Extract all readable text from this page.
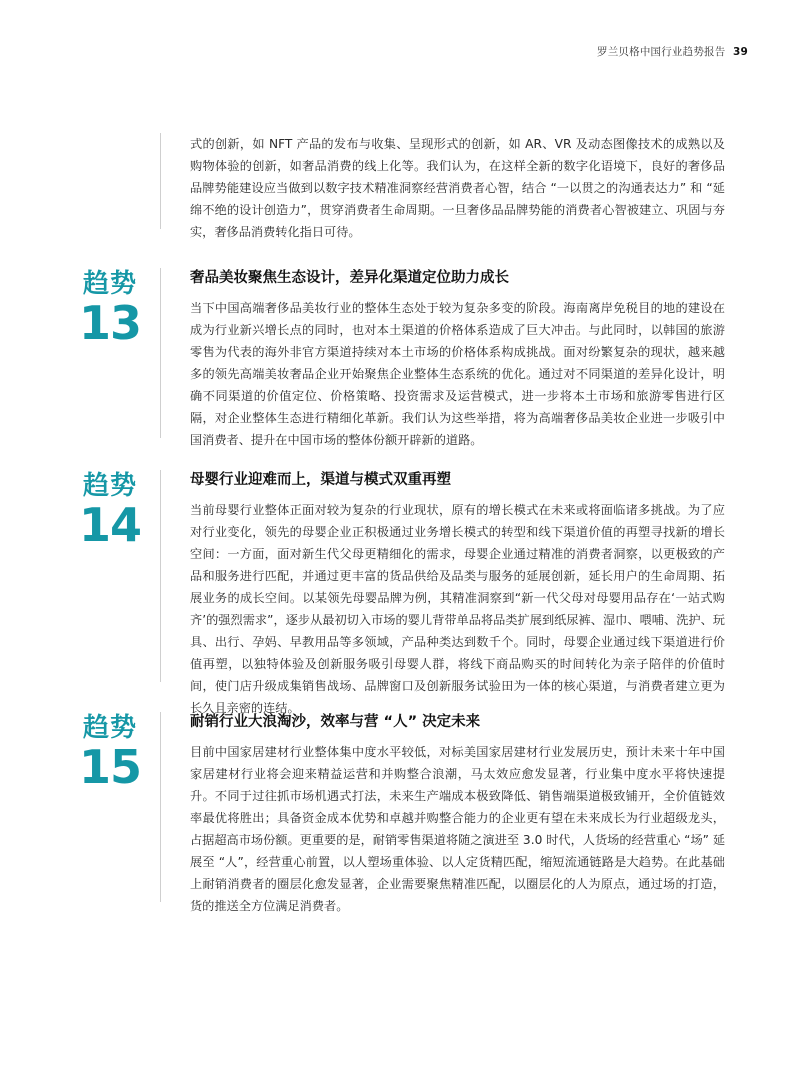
罗兰贝格中国行业趋势报告 39

式的创新，如 NFT 产品的发布与收集、呈现形式的创新，如 AR、VR 及动态图像技术的成熟以及购物体验的创新，如奢品消费的线上化等。我们认为，在这样全新的数字化语境下，良好的奢侈品品牌势能建设应当做到以数字技术精准洞察经营消费者心智，结合 “一以贯之的沟通表达力” 和 “延绵不绝的设计创造力”，贯穿消费者生命周期。一旦奢侈品品牌势能的消费者心智被建立、巩固与夯实，奢侈品消费转化指日可待。

趋势
13
奢品美妆聚焦生态设计，差异化渠道定位助力成长

当下中国高端奢侈品美妆行业的整体生态处于较为复杂多变的阶段。海南离岸免税目的地的建设在成为行业新兴增长点的同时，也对本土渠道的价格体系造成了巨大冲击。与此同时，以韩国的旅游零售为代表的海外非官方渠道持续对本土市场的价格体系构成挑战。面对纷繁复杂的现状，越来越多的领先高端美妆奢品企业开始聚焦企业整体生态系统的优化。通过对不同渠道的差异化设计，明确不同渠道的价值定位、价格策略、投资需求及运营模式，进一步将本土市场和旅游零售进行区隔，对企业整体生态进行精细化革新。我们认为这些举措，将为高端奢侈品美妆企业进一步吸引中国消费者、提升在中国市场的整体份额开辟新的道路。

趋势
14
母婴行业迎难而上，渠道与模式双重再塑

当前母婴行业整体正面对较为复杂的行业现状，原有的增长模式在未来或将面临诸多挑战。为了应对行业变化，领先的母婴企业正积极通过业务增长模式的转型和线下渠道价值的再塑寻找新的增长空间：一方面，面对新生代父母更精细化的需求，母婴企业通过精准的消费者洞察，以更极致的产品和服务进行匹配，并通过更丰富的货品供给及品类与服务的延展创新，延长用户的生命周期、拓展业务的成长空间。以某领先母婴品牌为例，其精准洞察到“新一代父母对母婴用品存在‘一站式购齐’的强烈需求”，逐步从最初切入市场的婴儿背带单品将品类扩展到纸尿裤、湿巾、喂哺、洗护、玩具、出行、孕妈、早教用品等多领域，产品种类达到数千个。同时，母婴企业通过线下渠道进行价值再塑，以独特体验及创新服务吸引母婴人群，将线下商品购买的时间转化为亲子陪伴的价值时间，使门店升级成集销售战场、品牌窗口及创新服务试验田为一体的核心渠道，与消费者建立更为长久且亲密的连结。

趋势
15
耐销行业大浪淘沙，效率与营 “人” 决定未来

目前中国家居建材行业整体集中度水平较低，对标美国家居建材行业发展历史，预计未来十年中国家居建材行业将会迎来精益运营和并购整合浪潮，马太效应愈发显著，行业集中度水平将快速提升。不同于过往抓市场机遇式打法，未来生产端成本极致降低、销售端渠道极致铺开，全价值链效率最优将胜出；具备资金成本优势和卓越并购整合能力的企业更有望在未来成长为行业超级龙头，占据超高市场份额。更重要的是，耐销零售渠道将随之演进至 3.0 时代，人货场的经营重心 “场” 延展至 “人”，经营重心前置，以人塑场重体验、以人定货精匹配，缩短流通链路是大趋势。在此基础上耐销消费者的圈层化愈发显著，企业需要聚焦精准匹配，以圈层化的人为原点，通过场的打造，货的推送全方位满足消费者。
